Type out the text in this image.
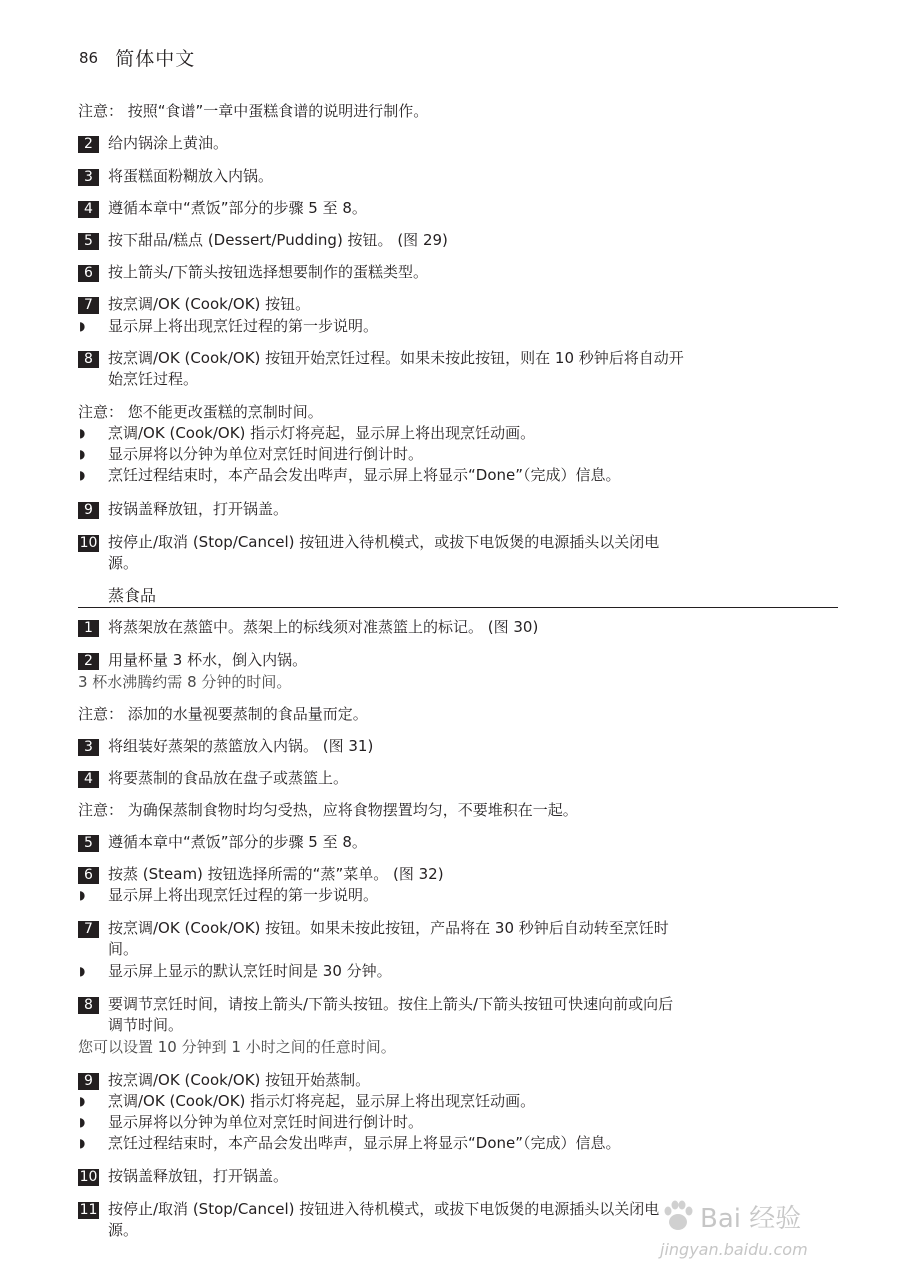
86 简体中文
注意： 按照“食谱”一章中蛋糕食谱的说明进行制作。
2	给内锅涂上黄油。
3	将蛋糕面粉糊放入内锅。
4	遵循本章中“煮饭”部分的步骤 5 至 8。
5	按下甜品/糕点 (Dessert/Pudding) 按钮。 (图 29)
6	按上箭头/下箭头按钮选择想要制作的蛋糕类型。
7	按烹调/OK (Cook/OK) 按钮。
◗ 显示屏上将出现烹饪过程的第一步说明。
8	按烹调/OK (Cook/OK) 按钮开始烹饪过程。如果未按此按钮，则在 10 秒钟后将自动开
始烹饪过程。
注意： 您不能更改蛋糕的烹制时间。
◗ 烹调/OK (Cook/OK) 指示灯将亮起，显示屏上将出现烹饪动画。
◗ 显示屏将以分钟为单位对烹饪时间进行倒计时。
◗ 烹饪过程结束时，本产品会发出哔声，显示屏上将显示“Done”（完成）信息。
9	按锅盖释放钮，打开锅盖。
10 按停止/取消 (Stop/Cancel) 按钮进入待机模式，或拔下电饭煲的电源插头以关闭电
源。
蒸食品
1	将蒸架放在蒸篮中。蒸架上的标线须对准蒸篮上的标记。 (图 30)
2	用量杯量 3 杯水，倒入内锅。
3 杯水沸腾约需 8 分钟的时间。
注意： 添加的水量视要蒸制的食品量而定。
3	将组装好蒸架的蒸篮放入内锅。 (图 31)
4	将要蒸制的食品放在盘子或蒸篮上。
注意： 为确保蒸制食物时均匀受热，应将食物摆置均匀，不要堆积在一起。
5	遵循本章中“煮饭”部分的步骤 5 至 8。
6	按蒸 (Steam) 按钮选择所需的“蒸”菜单。 (图 32)
◗ 显示屏上将出现烹饪过程的第一步说明。
7	按烹调/OK (Cook/OK) 按钮。如果未按此按钮，产品将在 30 秒钟后自动转至烹饪时
间。
◗ 显示屏上显示的默认烹饪时间是 30 分钟。
8	要调节烹饪时间，请按上箭头/下箭头按钮。按住上箭头/下箭头按钮可快速向前或向后
调节时间。
您可以设置 10 分钟到 1 小时之间的任意时间。
9	按烹调/OK (Cook/OK) 按钮开始蒸制。
◗ 烹调/OK (Cook/OK) 指示灯将亮起，显示屏上将出现烹饪动画。
◗ 显示屏将以分钟为单位对烹饪时间进行倒计时。
◗ 烹饪过程结束时，本产品会发出哔声，显示屏上将显示“Done”（完成）信息。
10 按锅盖释放钮，打开锅盖。
11 按停止/取消 (Stop/Cancel) 按钮进入待机模式，或拔下电饭煲的电源插头以关闭电
源。	Bai 经验
jingyan.baidu.com
